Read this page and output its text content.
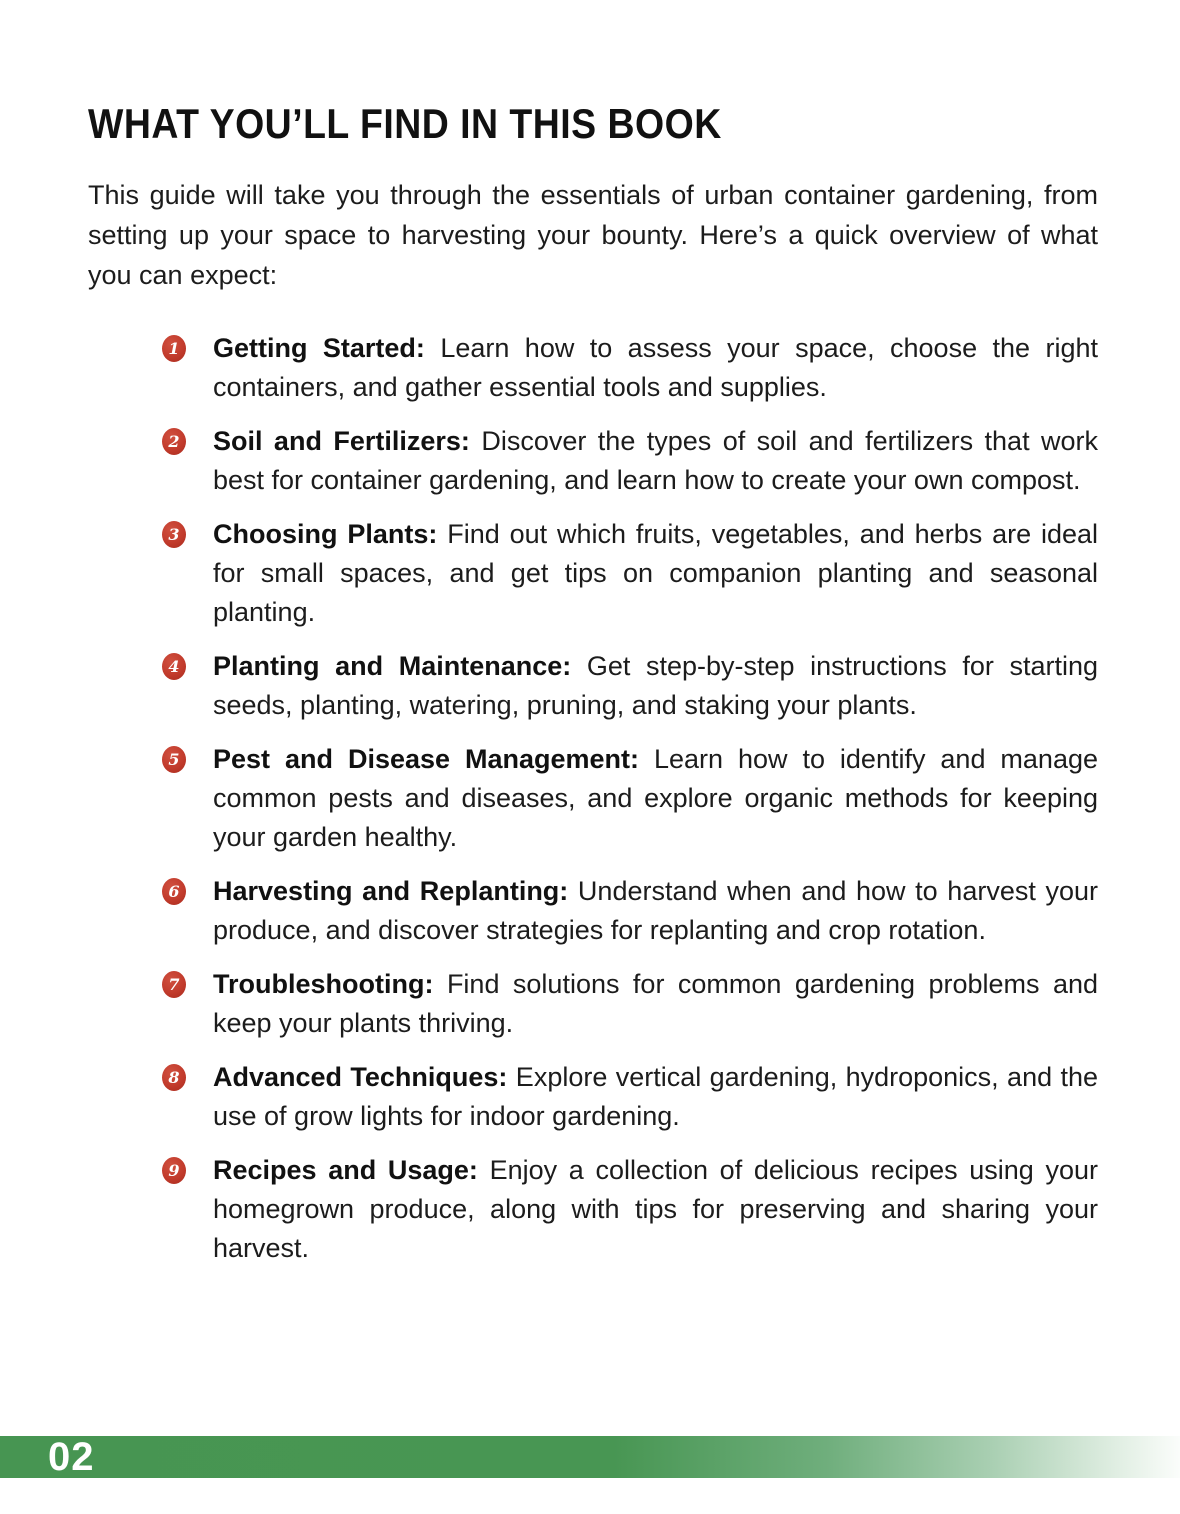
WHAT YOU’LL FIND IN THIS BOOK

This guide will take you through the essentials of urban container gardening, from setting up your space to harvesting your bounty. Here’s a quick overview of what you can expect:

1 Getting Started: Learn how to assess your space, choose the right containers, and gather essential tools and supplies.

2 Soil and Fertilizers: Discover the types of soil and fertilizers that work best for container gardening, and learn how to create your own compost.

3 Choosing Plants: Find out which fruits, vegetables, and herbs are ideal for small spaces, and get tips on companion planting and seasonal planting.

4 Planting and Maintenance: Get step-by-step instructions for starting seeds, planting, watering, pruning, and staking your plants.

5 Pest and Disease Management: Learn how to identify and manage common pests and diseases, and explore organic methods for keeping your garden healthy.

6 Harvesting and Replanting: Understand when and how to harvest your produce, and discover strategies for replanting and crop rotation.

7 Troubleshooting: Find solutions for common gardening problems and keep your plants thriving.

8 Advanced Techniques: Explore vertical gardening, hydroponics, and the use of grow lights for indoor gardening.

9 Recipes and Usage: Enjoy a collection of delicious recipes using your homegrown produce, along with tips for preserving and sharing your harvest.

02
